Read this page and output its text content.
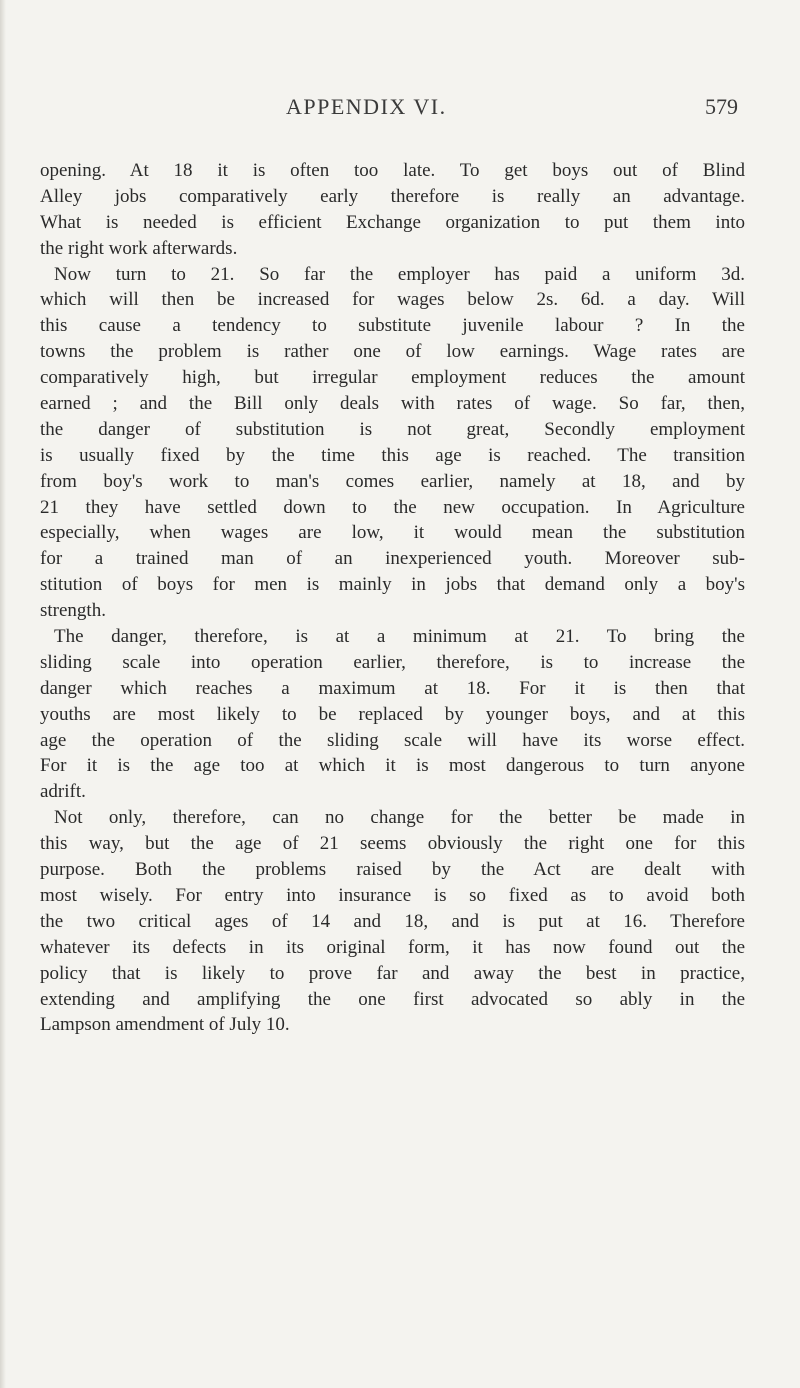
APPENDIX VI.	579
opening. At 18 it is often too late. To get boys out of Blind
Alley jobs comparatively early therefore is really an advantage.
What is needed is efficient Exchange organization to put them into
the right work afterwards.
Now turn to 21. So far the employer has paid a uniform 3d.
which will then be increased for wages below 2s. 6d. a day. Will
this cause a tendency to substitute juvenile labour ? In the
towns the problem is rather one of low earnings. Wage rates are
comparatively high, but irregular employment reduces the amount
earned ; and the Bill only deals with rates of wage. So far, then,
the danger of substitution is not great, Secondly employment
is usually fixed by the time this age is reached. The transition
from boy's work to man's comes earlier, namely at 18, and by
21 they have settled down to the new occupation. In Agriculture
especially, when wages are low, it would mean the substitution
for a trained man of an inexperienced youth. Moreover sub-
stitution of boys for men is mainly in jobs that demand only a boy's
strength.
The danger, therefore, is at a minimum at 21. To bring the
sliding scale into operation earlier, therefore, is to increase the
danger which reaches a maximum at 18. For it is then that
youths are most likely to be replaced by younger boys, and at this
age the operation of the sliding scale will have its worse effect.
For it is the age too at which it is most dangerous to turn anyone
adrift.
Not only, therefore, can no change for the better be made in
this way, but the age of 21 seems obviously the right one for this
purpose. Both the problems raised by the Act are dealt with
most wisely. For entry into insurance is so fixed as to avoid both
the two critical ages of 14 and 18, and is put at 16. Therefore
whatever its defects in its original form, it has now found out the
policy that is likely to prove far and away the best in practice,
extending and amplifying the one first advocated so ably in the
Lampson amendment of July 10.
